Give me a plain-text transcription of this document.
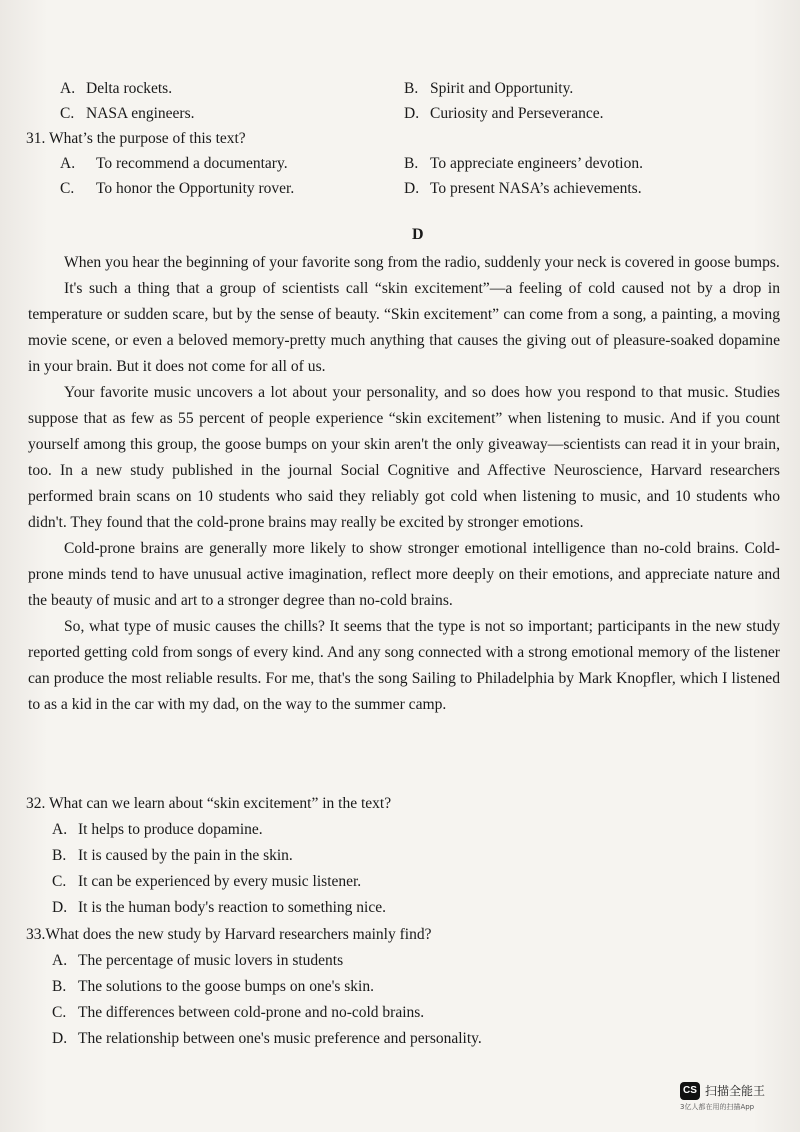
A. Delta rockets.	B. Spirit and Opportunity.
C. NASA engineers.	D. Curiosity and Perseverance.
31. What’s the purpose of this text?
A. To recommend a documentary.	B. To appreciate engineers’ devotion.
C. To honor the Opportunity rover.	D. To present NASA’s achievements.
D

When you hear the beginning of your favorite song from the radio, suddenly your neck is covered in goose bumps.

It's such a thing that a group of scientists call “skin excitement”—a feeling of cold caused not by a drop in temperature or sudden scare, but by the sense of beauty. “Skin excitement” can come from a song, a painting, a moving movie scene, or even a beloved memory-pretty much anything that causes the giving out of pleasure-soaked dopamine in your brain. But it does not come for all of us.

Your favorite music uncovers a lot about your personality, and so does how you respond to that music. Studies suppose that as few as 55 percent of people experience “skin excitement” when listening to music. And if you count yourself among this group, the goose bumps on your skin aren't the only giveaway—scientists can read it in your brain, too. In a new study published in the journal Social Cognitive and Affective Neuroscience, Harvard researchers performed brain scans on 10 students who said they reliably got cold when listening to music, and 10 students who didn't. They found that the cold-prone brains may really be excited by stronger emotions.

Cold-prone brains are generally more likely to show stronger emotional intelligence than no-cold brains. Cold-prone minds tend to have unusual active imagination, reflect more deeply on their emotions, and appreciate nature and the beauty of music and art to a stronger degree than no-cold brains.

So, what type of music causes the chills? It seems that the type is not so important; participants in the new study reported getting cold from songs of every kind. And any song connected with a strong emotional memory of the listener can produce the most reliable results. For me, that's the song Sailing to Philadelphia by Mark Knopfler, which I listened to as a kid in the car with my dad, on the way to the summer camp.

32. What can we learn about “skin excitement” in the text?
A. It helps to produce dopamine.
B. It is caused by the pain in the skin.
C. It can be experienced by every music listener.
D. It is the human body's reaction to something nice.
33.What does the new study by Harvard researchers mainly find?
A. The percentage of music lovers in students
B. The solutions to the goose bumps on one's skin.
C. The differences between cold-prone and no-cold brains.
D. The relationship between one's music preference and personality.
CS 扫描全能王
3亿人都在用的扫描App
